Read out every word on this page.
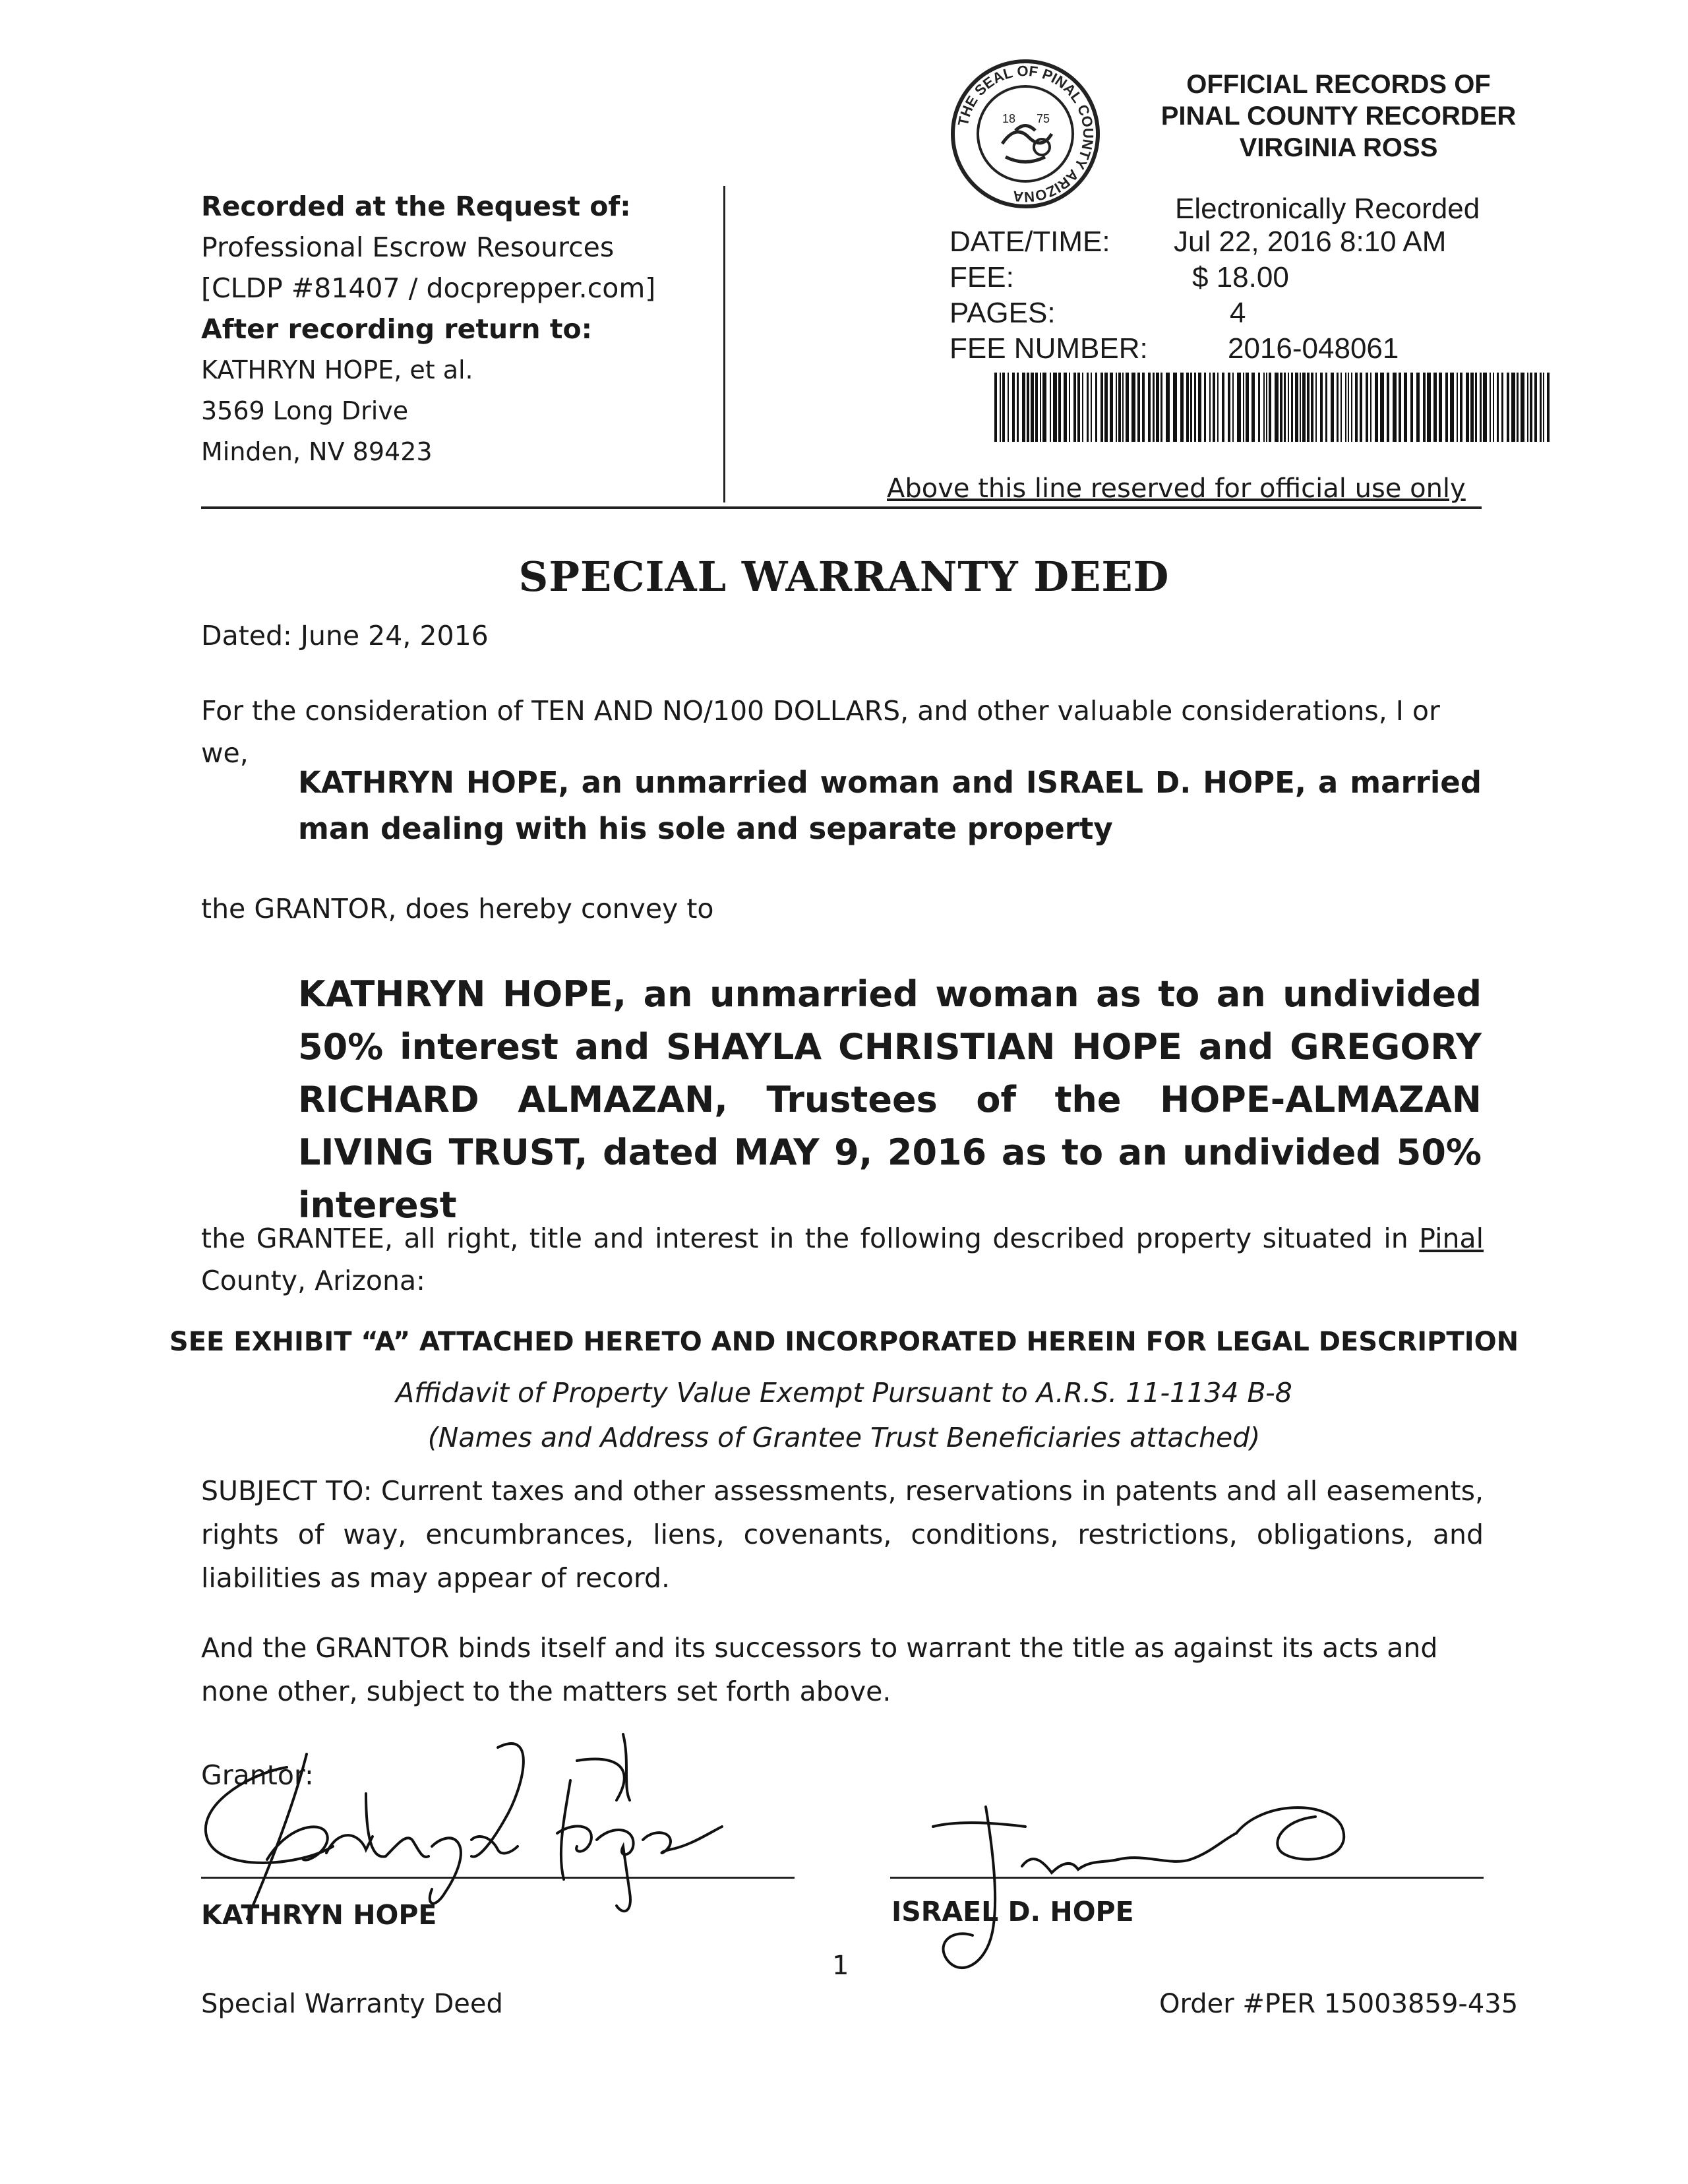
THE SEAL OF PINAL COUNTY ARIZONA
18 75
OFFICIAL RECORDS OF
PINAL COUNTY RECORDER
VIRGINIA ROSS
Electronically Recorded
DATE/TIME: Jul 22, 2016 8:10 AM
FEE:	$ 18.00
PAGES:	4
FEE NUMBER:	2016-048061
Recorded at the Request of:
Professional Escrow Resources
[CLDP #81407 / docprepper.com]
After recording return to:
KATHRYN HOPE, et al.
3569 Long Drive
Minden, NV 89423
Above this line reserved for official use only
SPECIAL WARRANTY DEED
Dated: June 24, 2016
For the consideration of TEN AND NO/100 DOLLARS, and other valuable considerations, I or we,
KATHRYN HOPE, an unmarried woman and ISRAEL D. HOPE, a married man dealing with his sole and separate property
the GRANTOR, does hereby convey to
KATHRYN HOPE, an unmarried woman as to an undivided 50% interest and SHAYLA CHRISTIAN HOPE and GREGORY RICHARD ALMAZAN, Trustees of the HOPE-ALMAZAN LIVING TRUST, dated MAY 9, 2016 as to an undivided 50% interest
the GRANTEE, all right, title and interest in the following described property situated in Pinal County, Arizona:
SEE EXHIBIT “A” ATTACHED HERETO AND INCORPORATED HEREIN FOR LEGAL DESCRIPTION
Affidavit of Property Value Exempt Pursuant to A.R.S. 11-1134 B-8
(Names and Address of Grantee Trust Beneficiaries attached)
SUBJECT TO: Current taxes and other assessments, reservations in patents and all easements, rights of way, encumbrances, liens, covenants, conditions, restrictions, obligations, and liabilities as may appear of record.
And the GRANTOR binds itself and its successors to warrant the title as against its acts and none other, subject to the matters set forth above.
Grantor:
KATHRYN HOPE	ISRAEL D. HOPE
1
Special Warranty Deed	Order #PER 15003859-435
